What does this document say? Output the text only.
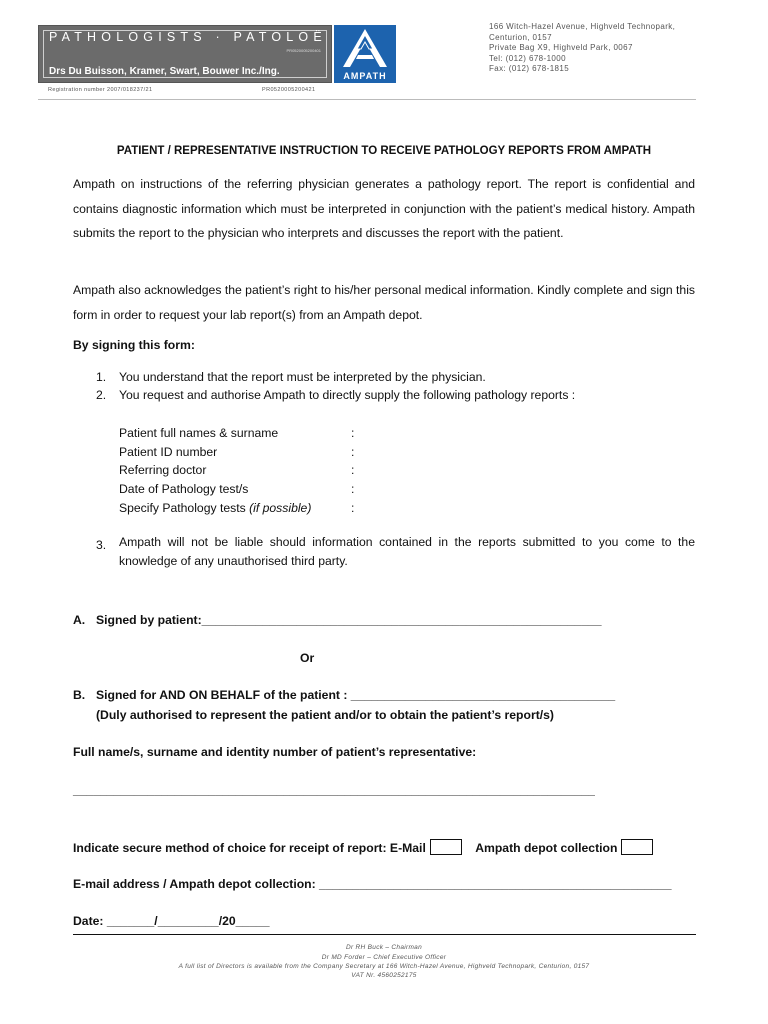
PATHOLOGISTS · PATOLOË
PR0520005200401
Drs Du Buisson, Kramer, Swart, Bouwer Inc./Ing.	AMPATH
166 Witch-Hazel Avenue, Highveld Technopark,
Centurion, 0157
Private Bag X9, Highveld Park, 0067
Tel: (012) 678-1000
Fax: (012) 678-1815
Registration number 2007/018237/21	PR0520005200421
PATIENT / REPRESENTATIVE INSTRUCTION TO RECEIVE PATHOLOGY REPORTS FROM AMPATH
Ampath on instructions of the referring physician generates a pathology report. The report is confidential and contains diagnostic information which must be interpreted in conjunction with the patient’s medical history. Ampath submits the report to the physician who interprets and discusses the report with the patient.
Ampath also acknowledges the patient’s right to his/her personal medical information. Kindly complete and sign this form in order to request your lab report(s) from an Ampath depot.
By signing this form:
1. You understand that the report must be interpreted by the physician.
2. You request and authorise Ampath to directly supply the following pathology reports :
Patient full names & surname	:
Patient ID number	:
Referring doctor	:
Date of Pathology test/s	:
Specify Pathology tests (if possible)	:
3. Ampath will not be liable should information contained in the reports submitted to you come to the knowledge of any unauthorised third party.
A. Signed by patient:___________________________________________________________
Or
B. Signed for AND ON BEHALF of the patient : _______________________________________
(Duly authorised to represent the patient and/or to obtain the patient’s report/s)
Full name/s, surname and identity number of patient’s representative:
_____________________________________________________________________________
Indicate secure method of choice for receipt of report: E-Mail	Ampath depot collection
E-mail address / Ampath depot collection: ____________________________________________________
Date: _______/_________/20_____
Dr RH Buck – Chairman
Dr MD Forder – Chief Executive Officer
A full list of Directors is available from the Company Secretary at 166 Witch-Hazel Avenue, Highveld Technopark, Centurion, 0157
VAT Nr. 4560252175
